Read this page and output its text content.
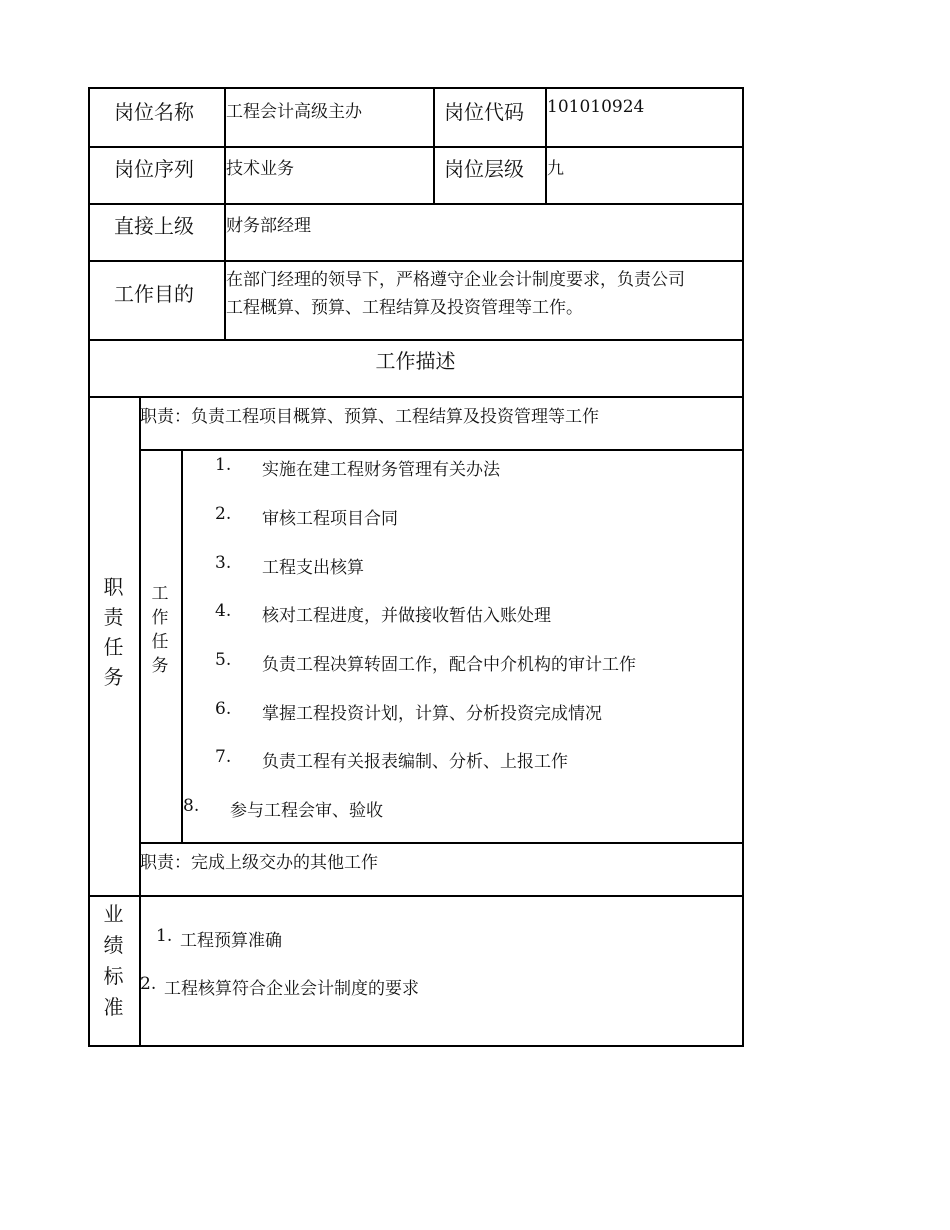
岗位名称 工程会计高级主办	岗位代码 101010924
岗位序列 技术业务	岗位层级 九
直接上级 财务部经理
工作目的
在部门经理的领导下，严格遵守企业会计制度要求，负责公司
工程概算、预算、工程结算及投资管理等工作。
工作描述
职
责
任
务
职责：负责工程项目概算、预算、工程结算及投资管理等工作
工
作
任
务
1. 实施在建工程财务管理有关办法
2. 审核工程项目合同
3. 工程支出核算
4. 核对工程进度，并做接收暂估入账处理
5. 负责工程决算转固工作，配合中介机构的审计工作
6. 掌握工程投资计划，计算、分析投资完成情况
7. 负责工程有关报表编制、分析、上报工作
8. 参与工程会审、验收
职责：完成上级交办的其他工作
业
绩
标
准
1. 工程预算准确
2. 工程核算符合企业会计制度的要求
